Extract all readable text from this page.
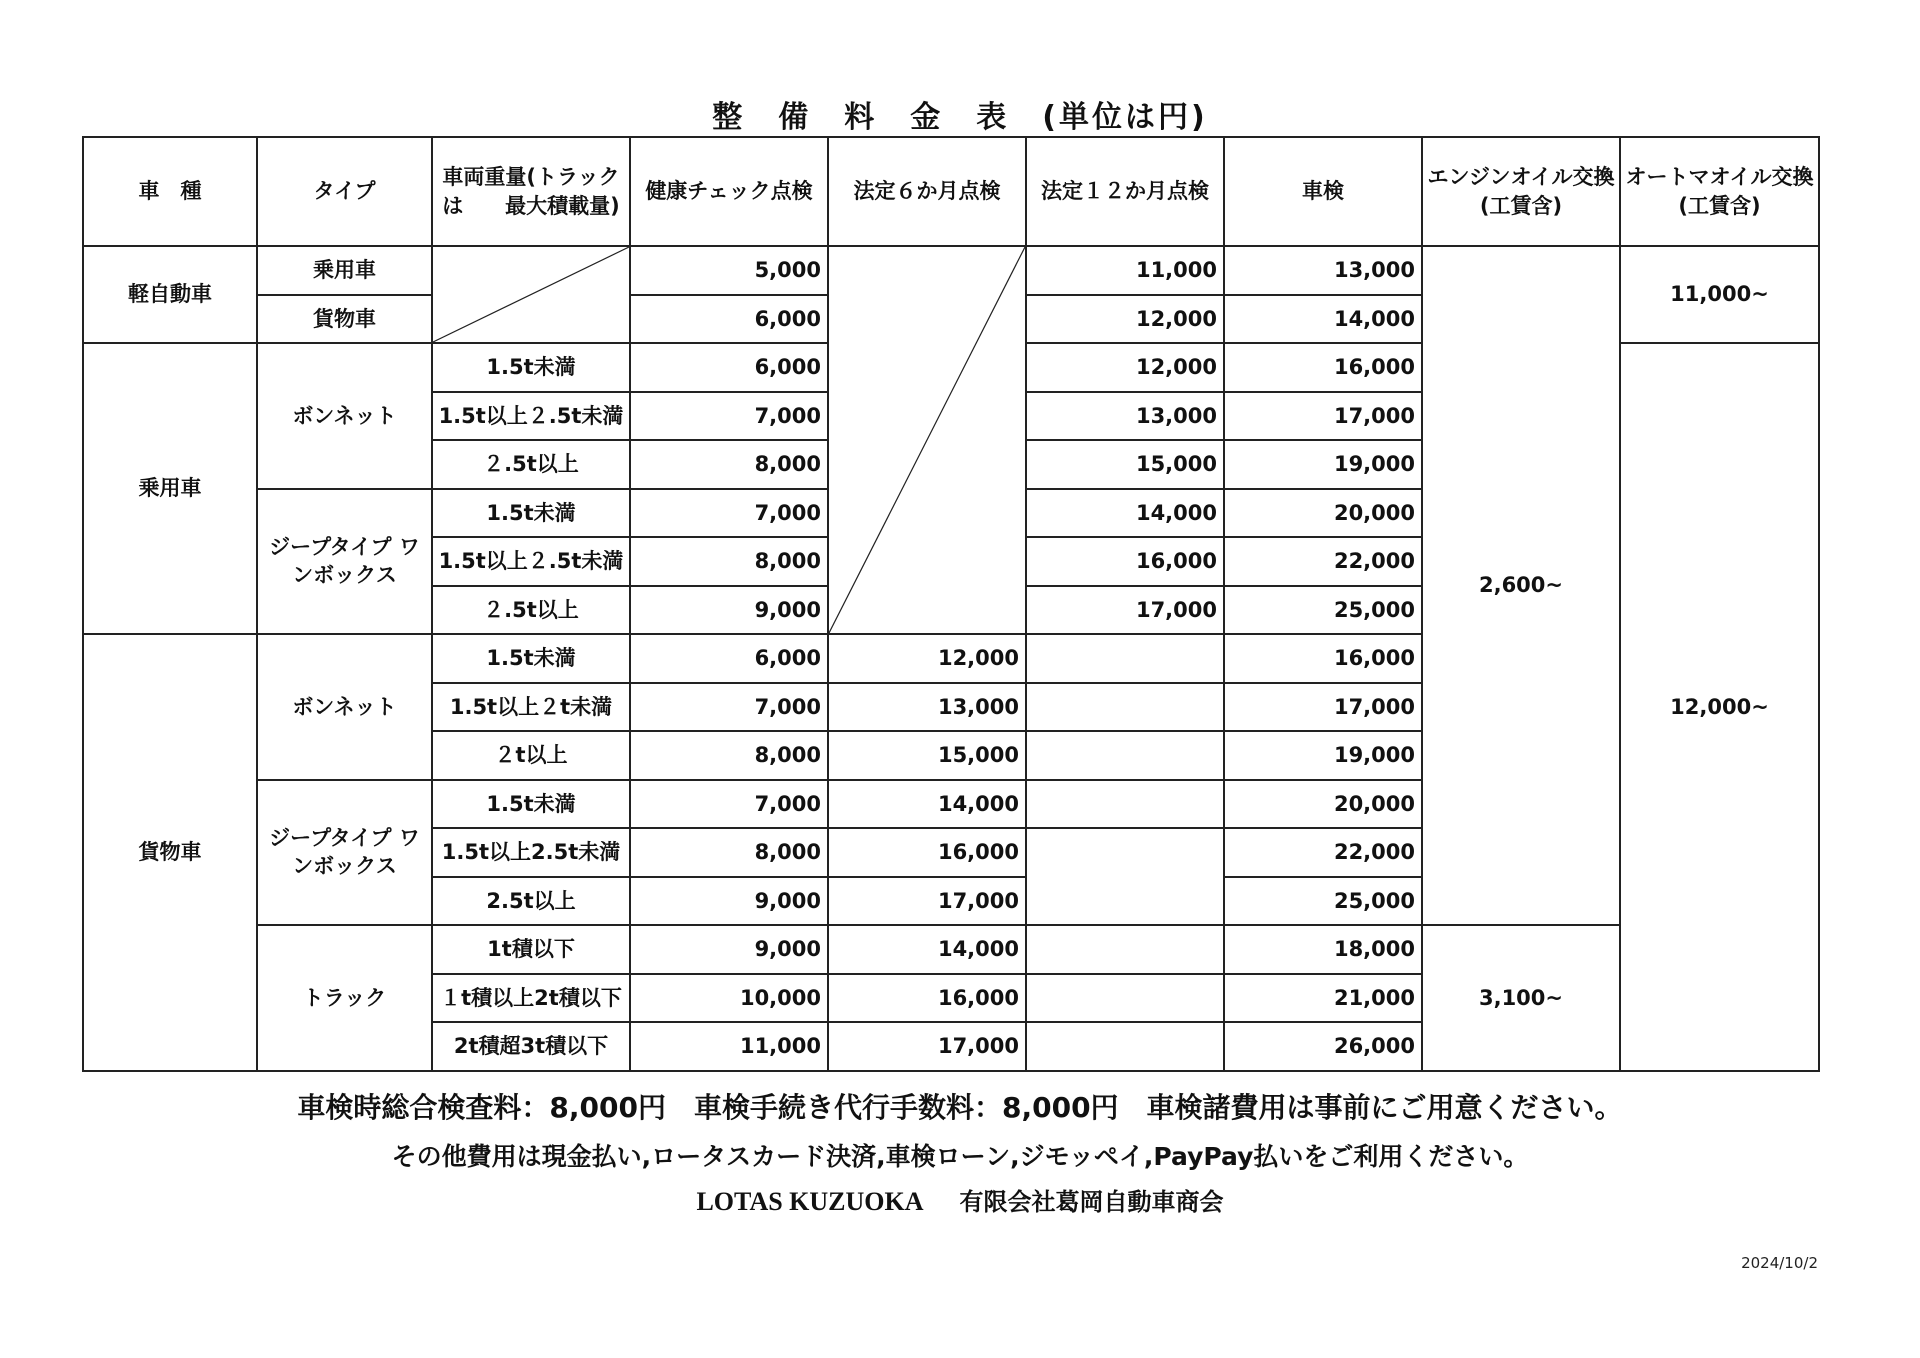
整　備　料　金　表　(単位は円)
車　種	タイプ	車両重量(トラックは　　最大積載量)	健康チェック点検	法定６か月点検	法定１２か月点検	車検	エンジンオイル交換(工賃含)	オートマオイル交換(工賃含)
軽自動車	乗用車		5,000		11,000	13,000	2,600~	11,000~
	貨物車		6,000		12,000	14,000		
乗用車	ボンネット	1.5t未満	6,000		12,000	16,000		12,000~
		1.5t以上２.5t未満	7,000		13,000	17,000		
		２.5t以上	8,000		15,000	19,000		
	ジープタイプ ワンボックス	1.5t未満	7,000		14,000	20,000		
		1.5t以上２.5t未満	8,000		16,000	22,000		
		２.5t以上	9,000		17,000	25,000		
貨物車	ボンネット	1.5t未満	6,000	12,000		16,000		
		1.5t以上２t未満	7,000	13,000		17,000		
		２t以上	8,000	15,000		19,000		
	ジープタイプ ワンボックス	1.5t未満	7,000	14,000		20,000		
		1.5t以上2.5t未満	8,000	16,000		22,000		
		2.5t以上	9,000	17,000		25,000		
	トラック	1t積以下	9,000	14,000		18,000	3,100~	
		１t積以上2t積以下	10,000	16,000		21,000		
		2t積超3t積以下	11,000	17,000		26,000		
車検時総合検査料：8,000円　車検手続き代行手数料：8,000円　車検諸費用は事前にご用意ください。
その他費用は現金払い,ロータスカード決済,車検ローン,ジモッペイ,PayPay払いをご利用ください。
LOTAS KUZUOKA 有限会社葛岡自動車商会
2024/10/2
